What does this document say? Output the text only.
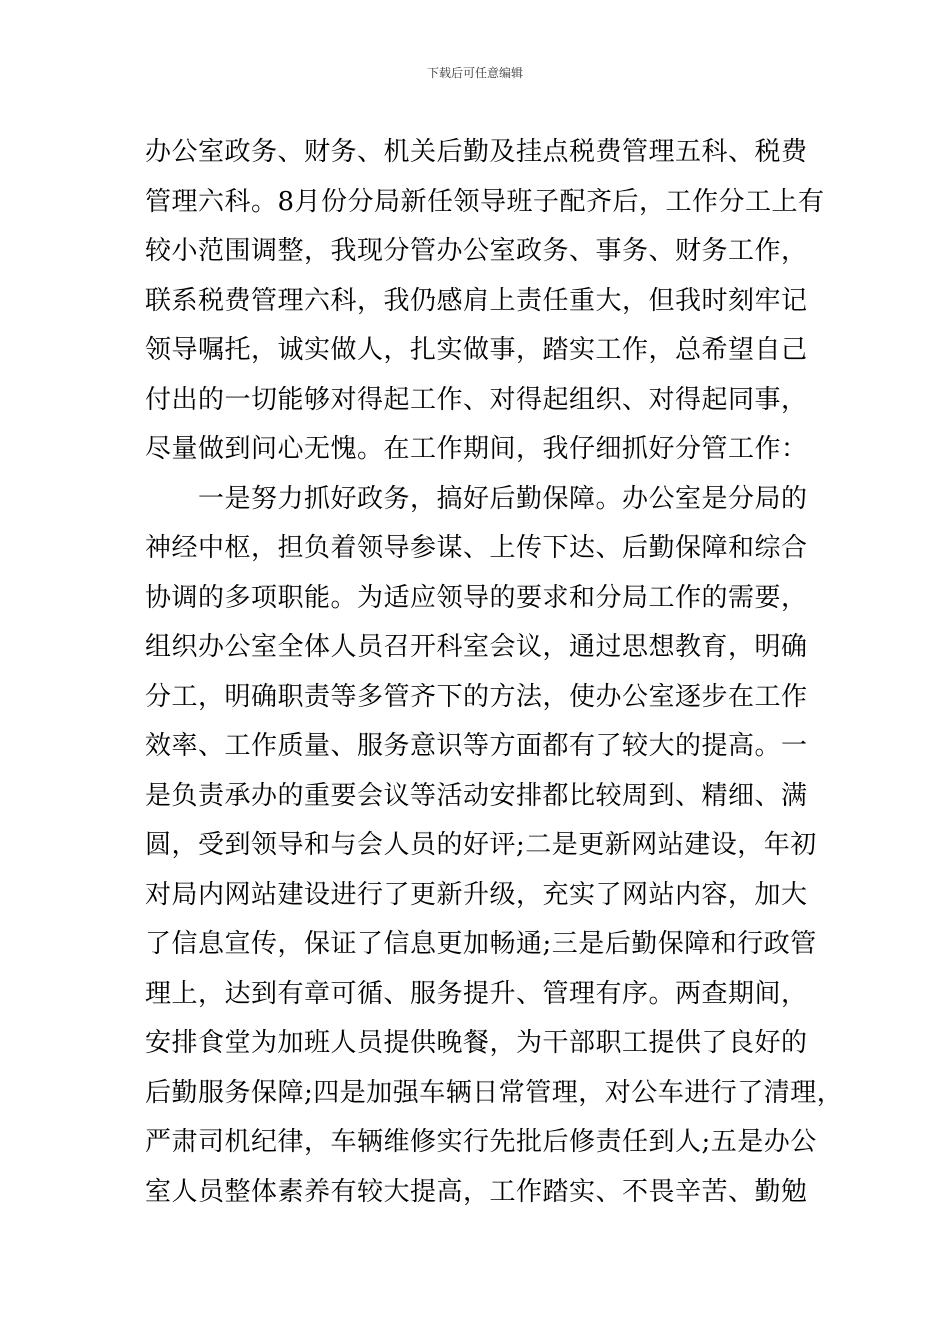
下载后可任意编辑
办公室政务、财务、机关后勤及挂点税费管理五科、税费
管理六科。8月份分局新任领导班子配齐后，工作分工上有
较小范围调整，我现分管办公室政务、事务、财务工作，
联系税费管理六科，我仍感肩上责任重大，但我时刻牢记
领导嘱托，诚实做人，扎实做事，踏实工作，总希望自己
付出的一切能够对得起工作、对得起组织、对得起同事，
尽量做到问心无愧。在工作期间，我仔细抓好分管工作：
　　一是努力抓好政务，搞好后勤保障。办公室是分局的
神经中枢，担负着领导参谋、上传下达、后勤保障和综合
协调的多项职能。为适应领导的要求和分局工作的需要，
组织办公室全体人员召开科室会议，通过思想教育，明确
分工，明确职责等多管齐下的方法，使办公室逐步在工作
效率、工作质量、服务意识等方面都有了较大的提高。一
是负责承办的重要会议等活动安排都比较周到、精细、满
圆，受到领导和与会人员的好评;二是更新网站建设，年初
对局内网站建设进行了更新升级，充实了网站内容，加大
了信息宣传，保证了信息更加畅通;三是后勤保障和行政管
理上，达到有章可循、服务提升、管理有序。两查期间，
安排食堂为加班人员提供晚餐，为干部职工提供了良好的
后勤服务保障;四是加强车辆日常管理，对公车进行了清理，
严肃司机纪律，车辆维修实行先批后修责任到人;五是办公
室人员整体素养有较大提高，工作踏实、不畏辛苦、勤勉
